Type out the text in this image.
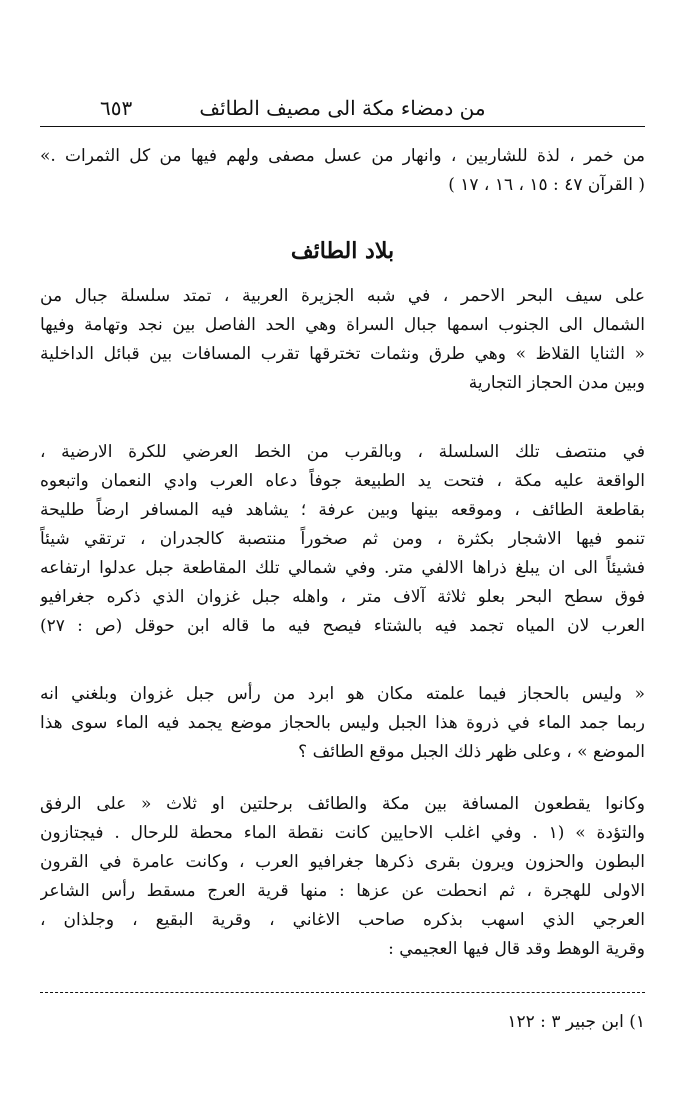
من دمضاء مكة الى مصيف الطائف
٦٥٣
من خمر ، لذة للشاربين ، وانهار من عسل مصفى ولهم فيها من كل الثمرات .»
( القرآن ٤٧ : ١٥ ، ١٦ ، ١٧ )
بلاد الطائف
على سيف البحر الاحمر ، في شبه الجزيرة العربية ، تمتد سلسلة جبال من
الشمال الى الجنوب اسمها جبال السراة وهي الحد الفاصل بين نجد وتهامة وفيها
« الثنايا القلاظ » وهي طرق ونثمات تخترقها تقرب المسافات بين قبائل الداخلية
وبين مدن الحجاز التجارية
في منتصف تلك السلسلة ، وبالقرب من الخط العرضي للكرة الارضية ،
الواقعة عليه مكة ، فتحت يد الطبيعة جوفاً دعاه العرب وادي النعمان واتبعوه
بقاطعة الطائف ، وموقعه بينها وبين عرفة ؛ يشاهد فيه المسافر ارضاً طليحة
تنمو فيها الاشجار بكثرة ، ومن ثم صخوراً منتصبة كالجدران ، ترتقي شيئاً
فشيئاً الى ان يبلغ ذراها الالفي متر. وفي شمالي تلك المقاطعة جبل عدلوا ارتفاعه
فوق سطح البحر بعلو ثلاثة آلاف متر ، واهله جبل غزوان الذي ذكره جغرافيو
العرب لان المياه تجمد فيه بالشتاء فيصح فيه ما قاله ابن حوقل (ص : ٢٧)
« وليس بالحجاز فيما علمته مكان هو ابرد من رأس جبل غزوان وبلغني انه
ربما جمد الماء في ذروة هذا الجبل وليس بالحجاز موضع يجمد فيه الماء سوى هذا
الموضع » ، وعلى ظهر ذلك الجبل موقع الطائف ؟
وكانوا يقطعون المسافة بين مكة والطائف برحلتين او ثلاث « على الرفق
والتؤدة » (١ . وفي اغلب الاحايين كانت نقطة الماء محطة للرحال . فيجتازون
البطون والحزون ويرون بقرى ذكرها جغرافيو العرب ، وكانت عامرة في القرون
الاولى للهجرة ، ثم انحطت عن عزها : منها قرية العرج مسقط رأس الشاعر
العرجي الذي اسهب بذكره صاحب الاغاني ، وقرية البقيع ، وجلذان ،
وقرية الوهط وقد قال فيها العجيمي :
١) ابن جبير ٣ : ١٢٢
